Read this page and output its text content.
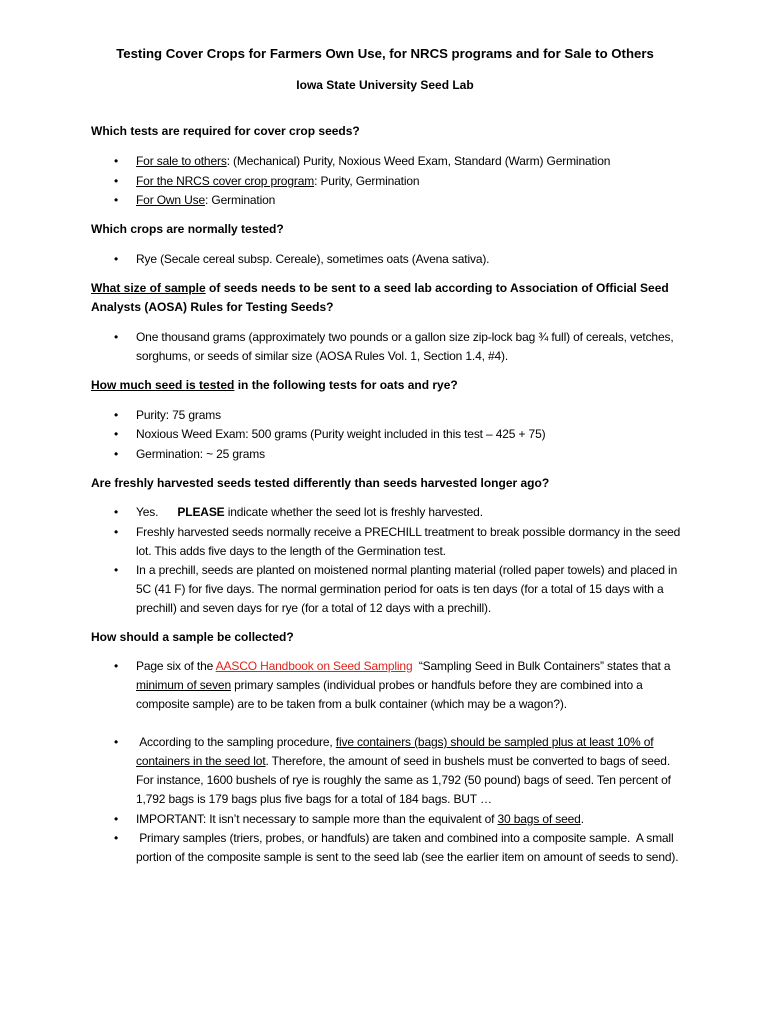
Testing Cover Crops for Farmers Own Use, for NRCS programs and for Sale to Others
Iowa State University Seed Lab
Which tests are required for cover crop seeds?
• For sale to others: (Mechanical) Purity, Noxious Weed Exam, Standard (Warm) Germination
• For the NRCS cover crop program: Purity, Germination
• For Own Use: Germination
Which crops are normally tested?
• Rye (Secale cereal subsp. Cereale), sometimes oats (Avena sativa).
What size of sample of seeds needs to be sent to a seed lab according to Association of Official Seed Analysts (AOSA) Rules for Testing Seeds?
• One thousand grams (approximately two pounds or a gallon size zip-lock bag ¾ full) of cereals, vetches, sorghums, or seeds of similar size (AOSA Rules Vol. 1, Section 1.4, #4).
How much seed is tested in the following tests for oats and rye?
• Purity: 75 grams
• Noxious Weed Exam: 500 grams (Purity weight included in this test – 425 + 75)
• Germination: ~ 25 grams
Are freshly harvested seeds tested differently than seeds harvested longer ago?
• Yes.      PLEASE indicate whether the seed lot is freshly harvested.
• Freshly harvested seeds normally receive a PRECHILL treatment to break possible dormancy in the seed lot. This adds five days to the length of the Germination test.
• In a prechill, seeds are planted on moistened normal planting material (rolled paper towels) and placed in 5C (41 F) for five days. The normal germination period for oats is ten days (for a total of 15 days with a prechill) and seven days for rye (for a total of 12 days with a prechill).
How should a sample be collected?
• Page six of the AASCO Handbook on Seed Sampling  “Sampling Seed in Bulk Containers” states that a minimum of seven primary samples (individual probes or handfuls before they are combined into a composite sample) are to be taken from a bulk container (which may be a wagon?).
• According to the sampling procedure, five containers (bags) should be sampled plus at least 10% of containers in the seed lot. Therefore, the amount of seed in bushels must be converted to bags of seed. For instance, 1600 bushels of rye is roughly the same as 1,792 (50 pound) bags of seed. Ten percent of 1,792 bags is 179 bags plus five bags for a total of 184 bags. BUT …
• IMPORTANT: It isn’t necessary to sample more than the equivalent of 30 bags of seed.
• Primary samples (triers, probes, or handfuls) are taken and combined into a composite sample.  A small portion of the composite sample is sent to the seed lab (see the earlier item on amount of seeds to send).
